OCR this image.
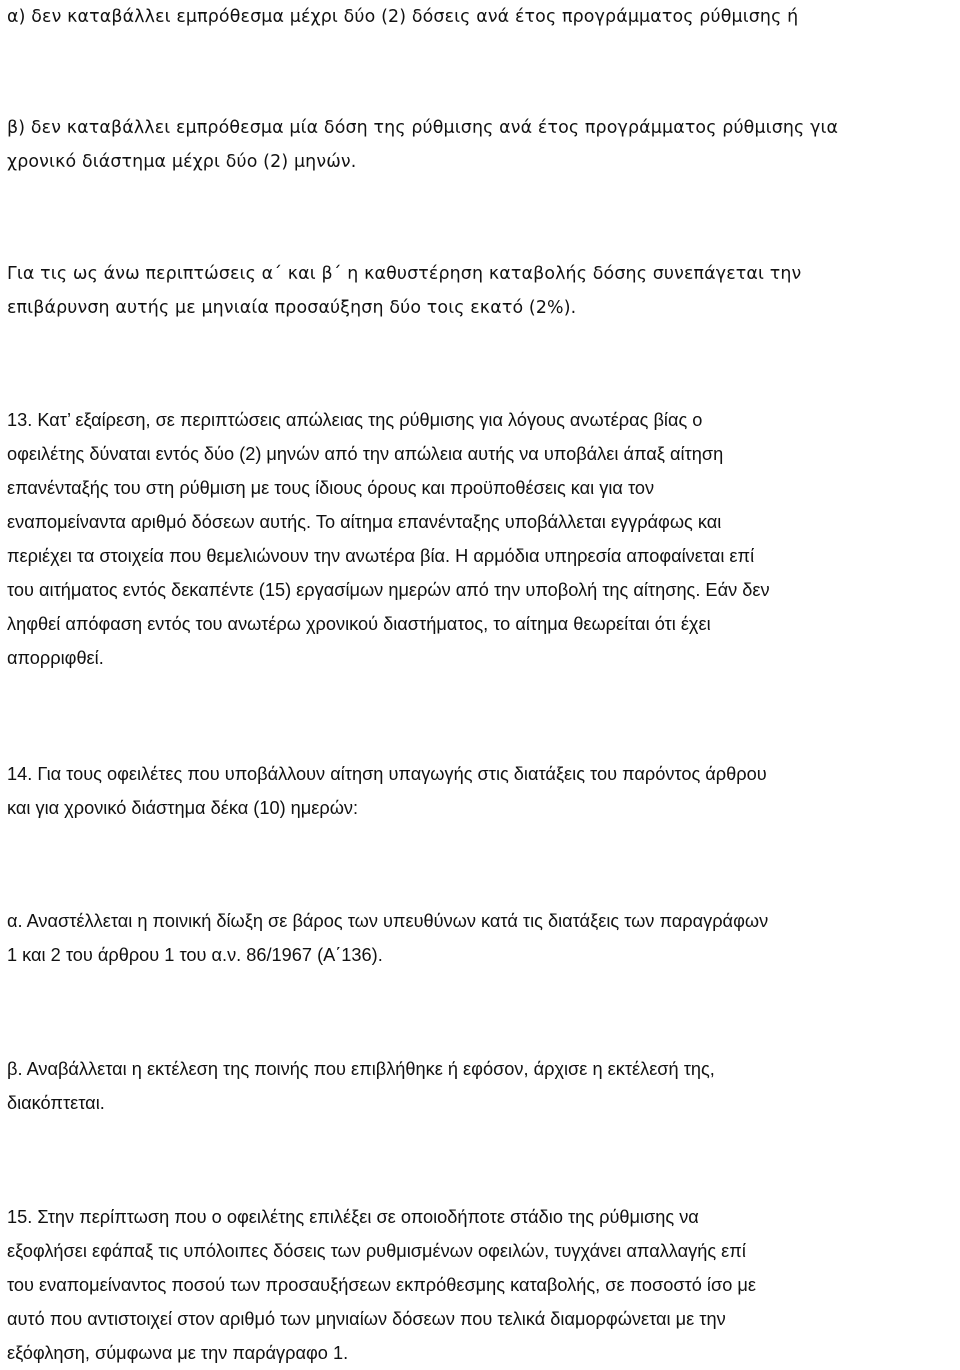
α) δεν καταβάλλει εμπρόθεσμα μέχρι δύο (2) δόσεις ανά έτος προγράμματος ρύθμισης ή

β) δεν καταβάλλει εμπρόθεσμα μία δόση της ρύθμισης ανά έτος προγράμματος ρύθμισης για
χρονικό διάστημα μέχρι δύο (2) μηνών.

Για τις ως άνω περιπτώσεις α΄ και β΄ η καθυστέρηση καταβολής δόσης συνεπάγεται την
επιβάρυνση αυτής με μηνιαία προσαύξηση δύο τοις εκατό (2%).

13. Κατ’ εξαίρεση, σε περιπτώσεις απώλειας της ρύθμισης για λόγους ανωτέρας βίας ο
οφειλέτης δύναται εντός δύο (2) μηνών από την απώλεια αυτής να υποβάλει άπαξ αίτηση
επανένταξής του στη ρύθμιση με τους ίδιους όρους και προϋποθέσεις και για τον
εναπομείναντα αριθμό δόσεων αυτής. Το αίτημα επανένταξης υποβάλλεται εγγράφως και
περιέχει τα στοιχεία που θεμελιώνουν την ανωτέρα βία. Η αρμόδια υπηρεσία αποφαίνεται επί
του αιτήματος εντός δεκαπέντε (15) εργασίμων ημερών από την υποβολή της αίτησης. Εάν δεν
ληφθεί απόφαση εντός του ανωτέρω χρονικού διαστήματος, το αίτημα θεωρείται ότι έχει
απορριφθεί.

14. Για τους οφειλέτες που υποβάλλουν αίτηση υπαγωγής στις διατάξεις του παρόντος άρθρου
και για χρονικό διάστημα δέκα (10) ημερών:

α. Αναστέλλεται η ποινική δίωξη σε βάρος των υπευθύνων κατά τις διατάξεις των παραγράφων
1 και 2 του άρθρου 1 του α.ν. 86/1967 (Α΄136).

β. Αναβάλλεται η εκτέλεση της ποινής που επιβλήθηκε ή εφόσον, άρχισε η εκτέλεσή της,
διακόπτεται.

15. Στην περίπτωση που ο οφειλέτης επιλέξει σε οποιοδήποτε στάδιο της ρύθμισης να
εξοφλήσει εφάπαξ τις υπόλοιπες δόσεις των ρυθμισμένων οφειλών, τυγχάνει απαλλαγής επί
του εναπομείναντος ποσού των προσαυξήσεων εκπρόθεσμης καταβολής, σε ποσοστό ίσο με
αυτό που αντιστοιχεί στον αριθμό των μηνιαίων δόσεων που τελικά διαμορφώνεται με την
εξόφληση, σύμφωνα με την παράγραφο 1.
